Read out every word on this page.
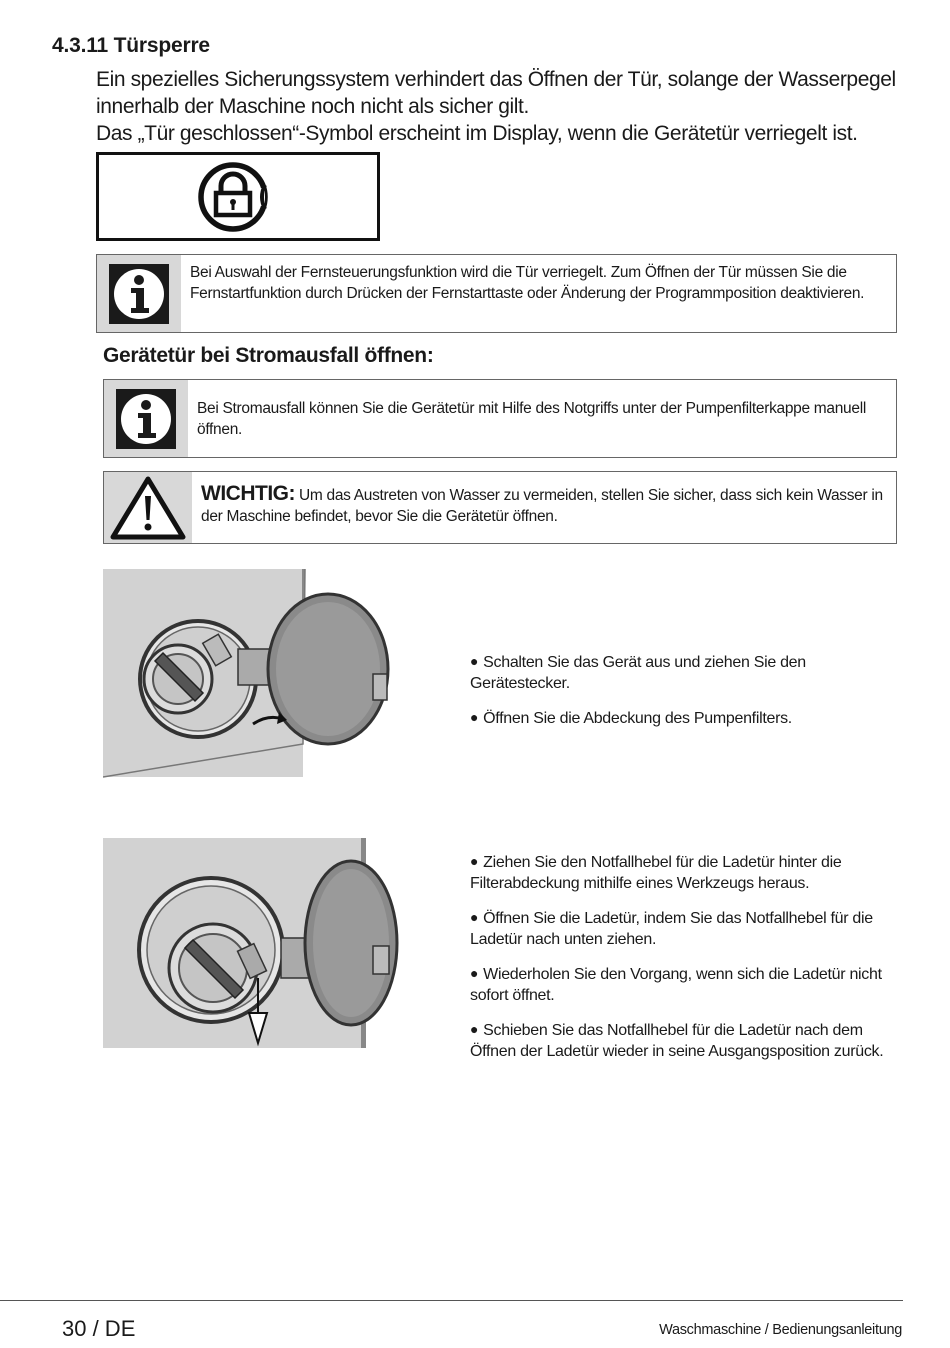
4.3.11 Türsperre

Ein spezielles Sicherungssystem verhindert das Öffnen der Tür, solange der Wasserpegel innerhalb der Maschine noch nicht als sicher gilt.

Das „Tür geschlossen“-Symbol erscheint im Display, wenn die Gerätetür verriegelt ist.

Bei Auswahl der Fernsteuerungsfunktion wird die Tür verriegelt. Zum Öffnen der Tür müssen Sie die Fernstartfunktion durch Drücken der Fernstarttaste oder Änderung der Programmposition deaktivieren.
Gerätetür bei Stromausfall öffnen:
Bei Stromausfall können Sie die Gerätetür mit Hilfe des Notgriffs unter der Pumpenfilterkappe manuell öffnen.
WICHTIG: Um das Austreten von Wasser zu vermeiden, stellen Sie sicher, dass sich kein Wasser in der Maschine befindet, bevor Sie die Gerätetür öffnen.

● Schalten Sie das Gerät aus und ziehen Sie den Gerätestecker.

● Öffnen Sie die Abdeckung des Pumpenfilters.

● Ziehen Sie den Notfallhebel für die Ladetür hinter die Filterabdeckung mithilfe eines Werkzeugs heraus.

● Öffnen Sie die Ladetür, indem Sie das Notfallhebel für die Ladetür nach unten ziehen.

● Wiederholen Sie den Vorgang, wenn sich die Ladetür nicht sofort öffnet.

● Schieben Sie das Notfallhebel für die Ladetür nach dem Öffnen der Ladetür wieder in seine Ausgangsposition zurück.

30 / DE	Waschmaschine / Bedienungsanleitung
